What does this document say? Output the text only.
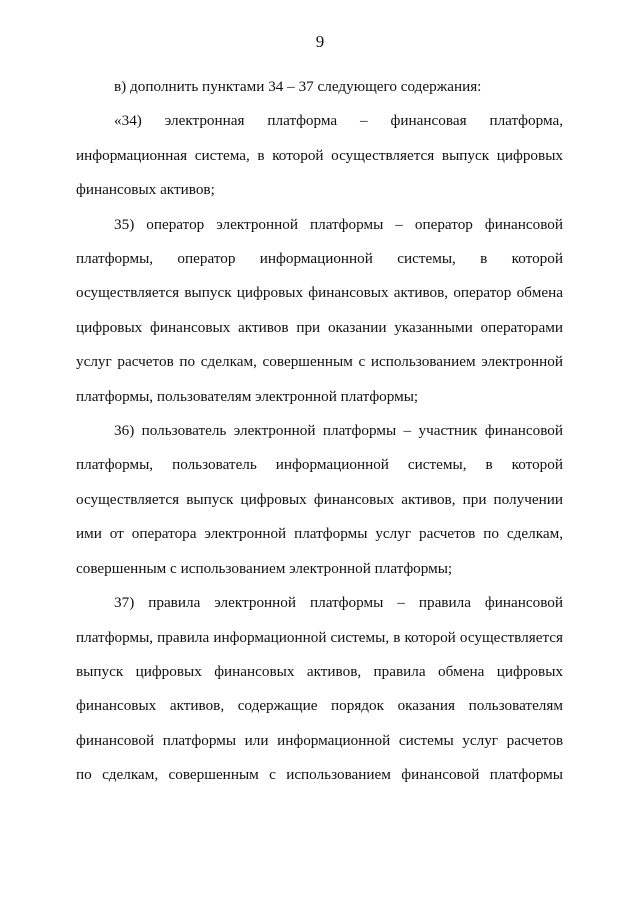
9
в) дополнить пунктами 34 – 37 следующего содержания:
«34) электронная платформа – финансовая платформа,
информационная система, в которой осуществляется выпуск цифровых
финансовых активов;
35) оператор электронной платформы – оператор финансовой
платформы, оператор информационной системы, в которой
осуществляется выпуск цифровых финансовых активов, оператор обмена
цифровых финансовых активов при оказании указанными операторами
услуг расчетов по сделкам, совершенным с использованием электронной
платформы, пользователям электронной платформы;
36) пользователь электронной платформы – участник финансовой
платформы, пользователь информационной системы, в которой
осуществляется выпуск цифровых финансовых активов, при получении
ими от оператора электронной платформы услуг расчетов по сделкам,
совершенным с использованием электронной платформы;
37) правила электронной платформы – правила финансовой
платформы, правила информационной системы, в которой осуществляется
выпуск цифровых финансовых активов, правила обмена цифровых
финансовых активов, содержащие порядок оказания пользователям
финансовой платформы или информационной системы услуг расчетов
по сделкам, совершенным с использованием финансовой платформы
